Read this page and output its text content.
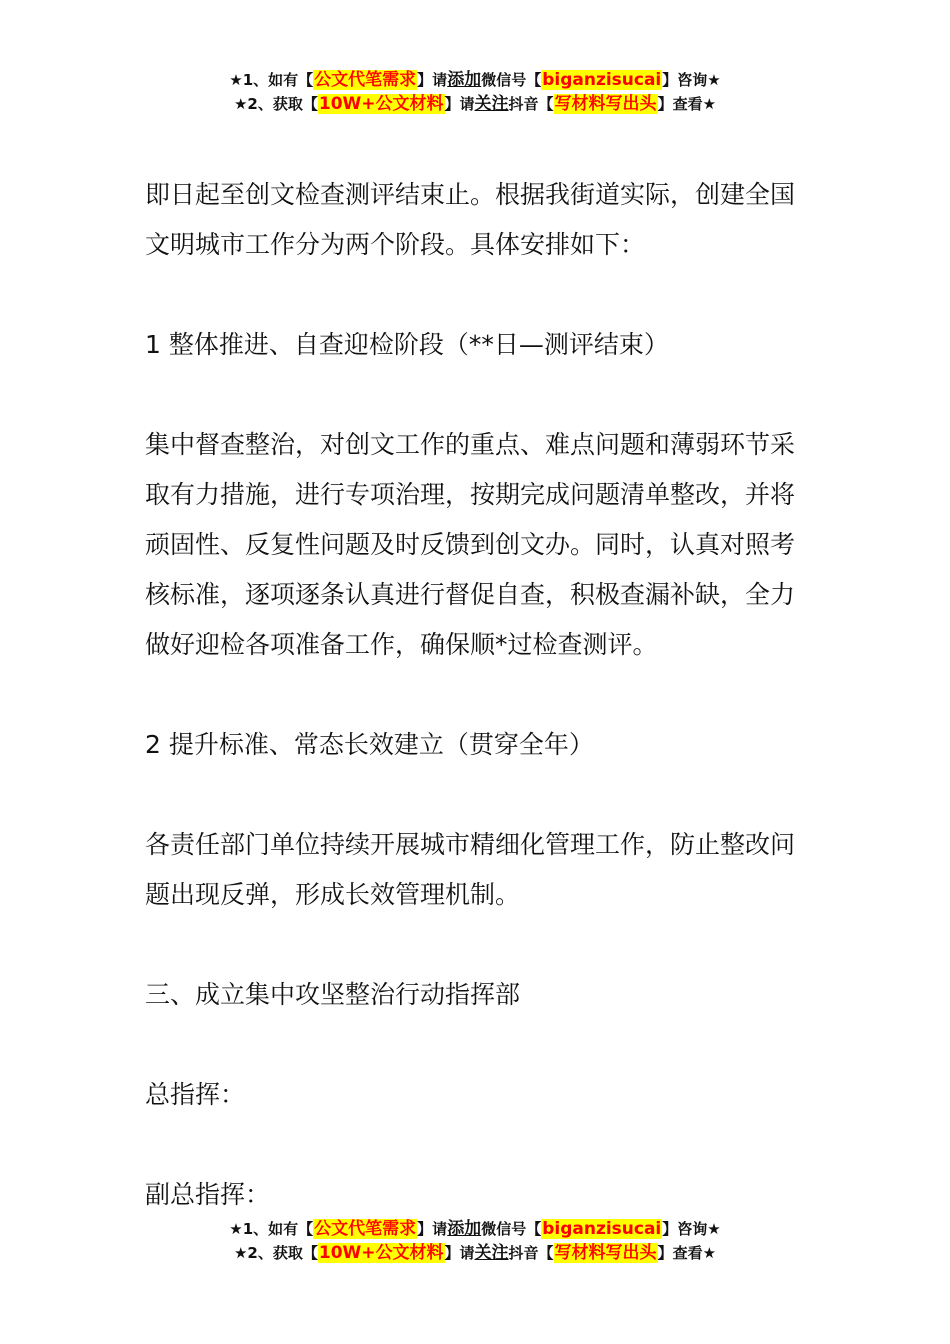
★1、如有【公文代笔需求】请添加微信号【biganzisucai】咨询★
★2、获取【10W+公文材料】请关注抖音【写材料写出头】查看★

即日起至创文检查测评结束止。根据我街道实际，创建全国文明城市工作分为两个阶段。具体安排如下：

1 整体推进、自查迎检阶段（**日—测评结束）

集中督查整治，对创文工作的重点、难点问题和薄弱环节采取有力措施，进行专项治理，按期完成问题清单整改，并将顽固性、反复性问题及时反馈到创文办。同时，认真对照考核标准，逐项逐条认真进行督促自查，积极查漏补缺，全力做好迎检各项准备工作，确保顺*过检查测评。

2 提升标准、常态长效建立（贯穿全年）

各责任部门单位持续开展城市精细化管理工作，防止整改问题出现反弹，形成长效管理机制。

三、成立集中攻坚整治行动指挥部

总指挥：

副总指挥：

★1、如有【公文代笔需求】请添加微信号【biganzisucai】咨询★
★2、获取【10W+公文材料】请关注抖音【写材料写出头】查看★
